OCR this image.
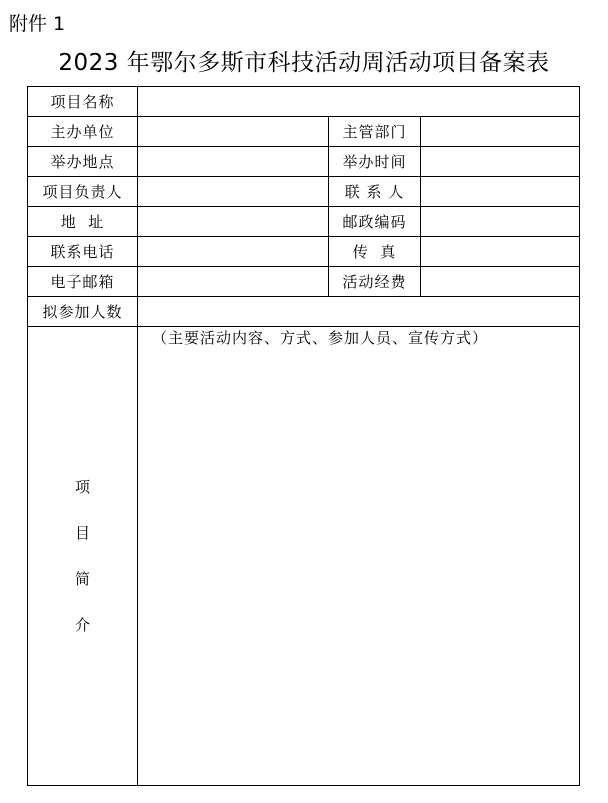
附件 1
2023 年鄂尔多斯市科技活动周活动项目备案表
项目名称			
主办单位		主管部门	
举办地点		举办时间	
项目负责人		联 系 人	
地  址		邮政编码	
联系电话		传  真	
电子邮箱		活动经费	
拟参加人数			

项
目
简
介	（主要活动内容、方式、参加人员、宣传方式）		
